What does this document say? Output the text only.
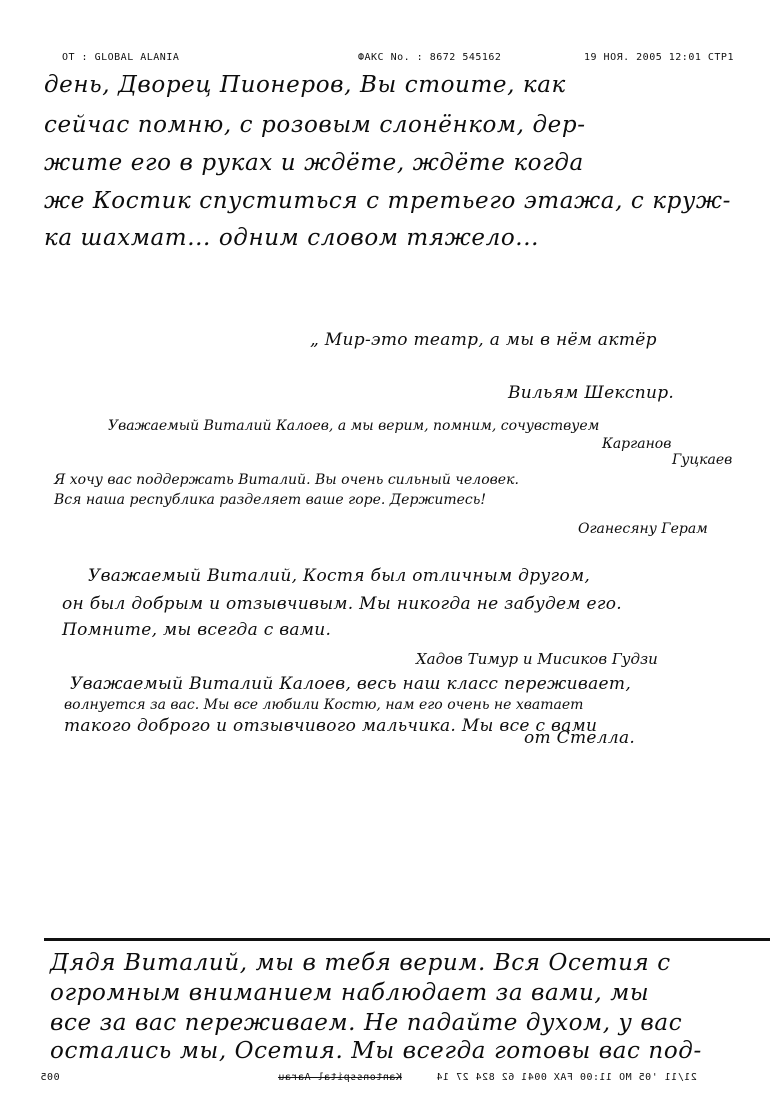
OT : GLOBAL ALANIA	ФАКС No. : 8672 545162	19 НОЯ. 2005 12:01 СТР1
день, Дворец Пионеров, Вы стоите, как
сейчас помню, с розовым слонёнком, дер-
жите его в руках и ждёте, ждёте когда
же Костик спуститься с третьего этажа, с круж-
ка шахмат... одним словом тяжело...
„ Мир-это театр, а мы в нём актёр
Вильям Шекспир.
Уважаемый Виталий Калоев, а мы верим, помним, сочувствуем
Карганов
Гуцкаев
Я хочу вас поддержать Виталий. Вы очень сильный человек.
Вся наша республика разделяет ваше горе. Держитесь!
Оганесяну Герам
Уважаемый Виталий, Костя был отличным другом,
он был добрым и отзывчивым. Мы никогда не забудем его.
Помните, мы всегда с вами.
Хадов Тимур и Мисиков Гудзи
Уважаемый Виталий Калоев, весь наш класс переживает,
волнуется за вас. Мы все любили Костю, нам его очень не хватает
такого доброго и отзывчивого мальчика. Мы все с вами
от Стелла.
Дядя Виталий, мы в тебя верим. Вся Осетия с
огромным вниманием наблюдает за вами, мы
все за вас переживаем. Не падайте духом, у вас
остались мы, Осетия. Мы всегда готовы вас под-
005	Kantonsspital Aarau	21/11 '05 MO 11:00 FAX 0041 62 824 27 14
